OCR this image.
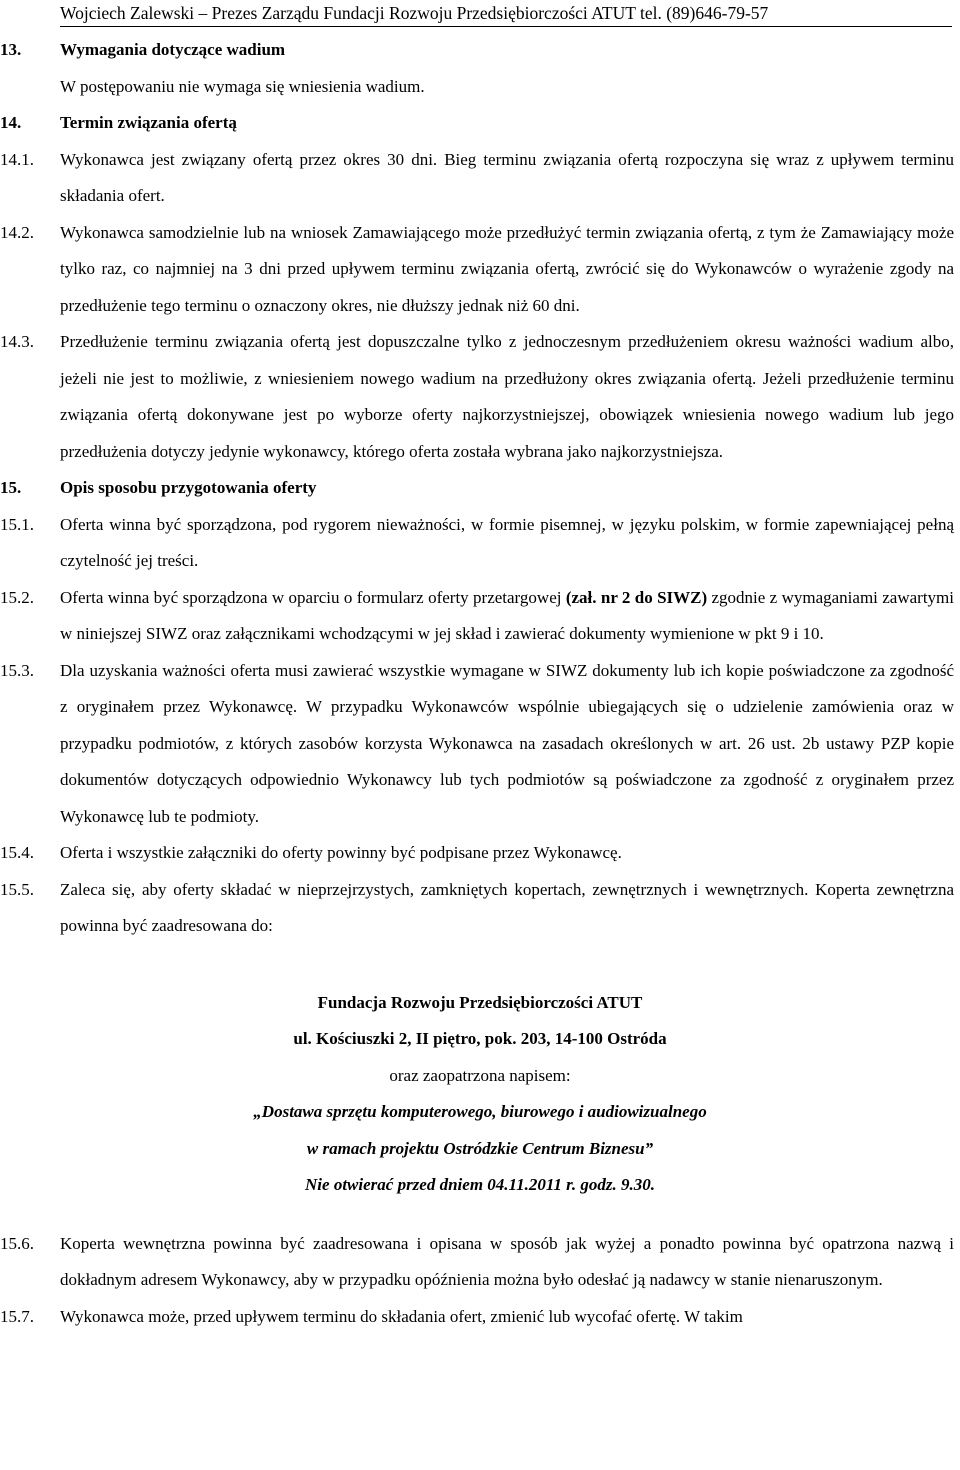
Wojciech Zalewski – Prezes Zarządu Fundacji Rozwoju Przedsiębiorczości ATUT tel. (89)646-79-57
13. Wymagania dotyczące wadium
W postępowaniu nie wymaga się wniesienia wadium.
14. Termin związania ofertą
14.1. Wykonawca jest związany ofertą przez okres 30 dni. Bieg terminu związania ofertą rozpoczyna się wraz z upływem terminu składania ofert.
14.2. Wykonawca samodzielnie lub na wniosek Zamawiającego może przedłużyć termin związania ofertą, z tym że Zamawiający może tylko raz, co najmniej na 3 dni przed upływem terminu związania ofertą, zwrócić się do Wykonawców o wyrażenie zgody na przedłużenie tego terminu o oznaczony okres, nie dłuższy jednak niż 60 dni.
14.3. Przedłużenie terminu związania ofertą jest dopuszczalne tylko z jednoczesnym przedłużeniem okresu ważności wadium albo, jeżeli nie jest to możliwie, z wniesieniem nowego wadium na przedłużony okres związania ofertą. Jeżeli przedłużenie terminu związania ofertą dokonywane jest po wyborze oferty najkorzystniejszej, obowiązek wniesienia nowego wadium lub jego przedłużenia dotyczy jedynie wykonawcy, którego oferta została wybrana jako najkorzystniejsza.
15. Opis sposobu przygotowania oferty
15.1. Oferta winna być sporządzona, pod rygorem nieważności, w formie pisemnej, w języku polskim, w formie zapewniającej pełną czytelność jej treści.
15.2. Oferta winna być sporządzona w oparciu o formularz oferty przetargowej (zał. nr 2 do SIWZ) zgodnie z wymaganiami zawartymi w niniejszej SIWZ oraz załącznikami wchodzącymi w jej skład i zawierać dokumenty wymienione w pkt 9 i 10.
15.3. Dla uzyskania ważności oferta musi zawierać wszystkie wymagane w SIWZ dokumenty lub ich kopie poświadczone za zgodność z oryginałem przez Wykonawcę. W przypadku Wykonawców wspólnie ubiegających się o udzielenie zamówienia oraz w przypadku podmiotów, z których zasobów korzysta Wykonawca na zasadach określonych w art. 26 ust. 2b ustawy PZP kopie dokumentów dotyczących odpowiednio Wykonawcy lub tych podmiotów są poświadczone za zgodność z oryginałem przez Wykonawcę lub te podmioty.
15.4. Oferta i wszystkie załączniki do oferty powinny być podpisane przez Wykonawcę.
15.5. Zaleca się, aby oferty składać w nieprzejrzystych, zamkniętych kopertach, zewnętrznych i wewnętrznych. Koperta zewnętrzna powinna być zaadresowana do:
Fundacja Rozwoju Przedsiębiorczości ATUT
ul. Kościuszki 2, II piętro, pok. 203, 14-100 Ostróda
oraz zaopatrzona napisem:
„Dostawa sprzętu komputerowego, biurowego i audiowizualnego
w ramach projektu Ostródzkie Centrum Biznesu”
Nie otwierać przed dniem 04.11.2011 r. godz. 9.30.
15.6. Koperta wewnętrzna powinna być zaadresowana i opisana w sposób jak wyżej a ponadto powinna być opatrzona nazwą i dokładnym adresem Wykonawcy, aby w przypadku opóźnienia można było odesłać ją nadawcy w stanie nienaruszonym.
15.7. Wykonawca może, przed upływem terminu do składania ofert, zmienić lub wycofać ofertę. W takim
